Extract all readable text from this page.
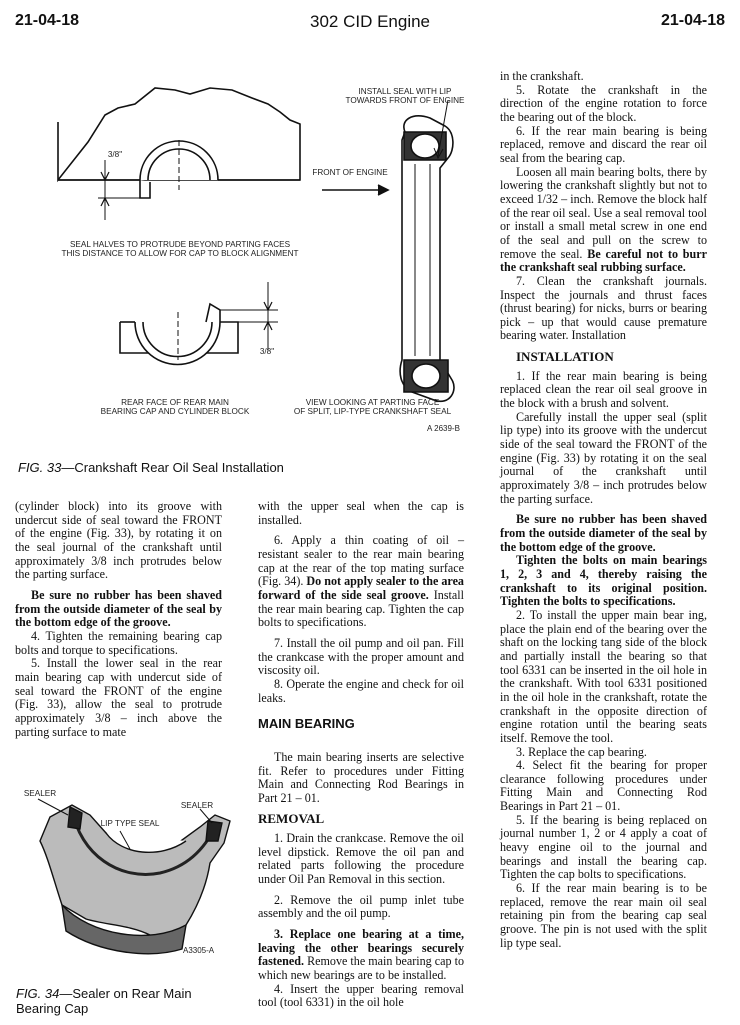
21-04-18	302 CID Engine	21-04-18
INSTALL SEAL WITH LIP
TOWARDS FRONT OF ENGINE
FRONT OF ENGINE
3/8"
3/8"
SEAL HALVES TO PROTRUDE BEYOND PARTING FACES
THIS DISTANCE TO ALLOW FOR CAP TO BLOCK ALIGNMENT
REAR FACE OF REAR MAIN
BEARING CAP AND CYLINDER BLOCK
VIEW LOOKING AT PARTING FACE
OF SPLIT, LIP-TYPE CRANKSHAFT SEAL
A 2639-B
FIG. 33—Crankshaft Rear Oil Seal Installation

(cylinder block) into its groove with undercut side of seal toward the FRONT of the engine (Fig. 33), by rotating it on the seal journal of the crankshaft until approximately 3/8 inch protrudes below the parting surface.

Be sure no rubber has been shaved from the outside diameter of the seal by the bottom edge of the groove.

4. Tighten the remaining bearing cap bolts and torque to specifications.

5. Install the lower seal in the rear main bearing cap with undercut side of seal toward the FRONT of the engine (Fig. 33), allow the seal to protrude approximately 3/8 – inch above the parting surface to mate

SEALER
SEALER
LIP TYPE SEAL
A3305-A
FIG. 34—Sealer on Rear Main
Bearing Cap

with the upper seal when the cap is installed.

6. Apply a thin coating of oil – resistant sealer to the rear main bearing cap at the rear of the top mating surface (Fig. 34). Do not apply sealer to the area forward of the side seal groove. Install the rear main bearing cap. Tighten the cap bolts to specifications.

7. Install the oil pump and oil pan. Fill the crankcase with the proper amount and viscosity oil.

8. Operate the engine and check for oil leaks.

MAIN BEARING

The main bearing inserts are selective fit. Refer to procedures under Fitting Main and Connecting Rod Bearings in Part 21 – 01.

REMOVAL

1. Drain the crankcase. Remove the oil level dipstick. Remove the oil pan and related parts following the procedure under Oil Pan Removal in this section.

2. Remove the oil pump inlet tube assembly and the oil pump.

3. Replace one bearing at a time, leaving the other bearings securely fastened. Remove the main bearing cap to which new bearings are to be installed.

4. Insert the upper bearing removal tool (tool 6331) in the oil hole

in the crankshaft.

5. Rotate the crankshaft in the direction of the engine rotation to force the bearing out of the block.

6. If the rear main bearing is being replaced, remove and discard the rear oil seal from the bearing cap.

Loosen all main bearing bolts, there by lowering the crankshaft slightly but not to exceed 1/32 – inch. Remove the block half of the rear oil seal. Use a seal removal tool or install a small metal screw in one end of the seal and pull on the screw to remove the seal. Be careful not to burr the crankshaft seal rubbing surface.

7. Clean the crankshaft journals. Inspect the journals and thrust faces (thrust bearing) for nicks, burrs or bearing pick – up that would cause premature bearing water. Installation

INSTALLATION

1. If the rear main bearing is being replaced clean the rear oil seal groove in the block with a brush and solvent.

Carefully install the upper seal (split lip type) into its groove with the undercut side of the seal toward the FRONT of the engine (Fig. 33) by rotating it on the seal journal of the crankshaft until approximately 3/8 – inch protrudes below the parting surface.

Be sure no rubber has been shaved from the outside diameter of the seal by the bottom edge of the groove.

Tighten the bolts on main bearings 1, 2, 3 and 4, thereby raising the crankshaft to its original position. Tighten the bolts to specifications.

2. To install the upper main bear ing, place the plain end of the bearing over the shaft on the locking tang side of the block and partially install the bearing so that tool 6331 can be inserted in the oil hole in the crankshaft. With tool 6331 positioned in the oil hole in the crankshaft, rotate the crankshaft in the opposite direction of engine rotation until the bearing seats itself. Remove the tool.

3. Replace the cap bearing.

4. Select fit the bearing for proper clearance following procedures under Fitting Main and Connecting Rod Bearings in Part 21 – 01.

5. If the bearing is being replaced on journal number 1, 2 or 4 apply a coat of heavy engine oil to the journal and bearings and install the bearing cap. Tighten the cap bolts to specifications.

6. If the rear main bearing is to be replaced, remove the rear main oil seal retaining pin from the bearing cap seal groove. The pin is not used with the split lip type seal.
